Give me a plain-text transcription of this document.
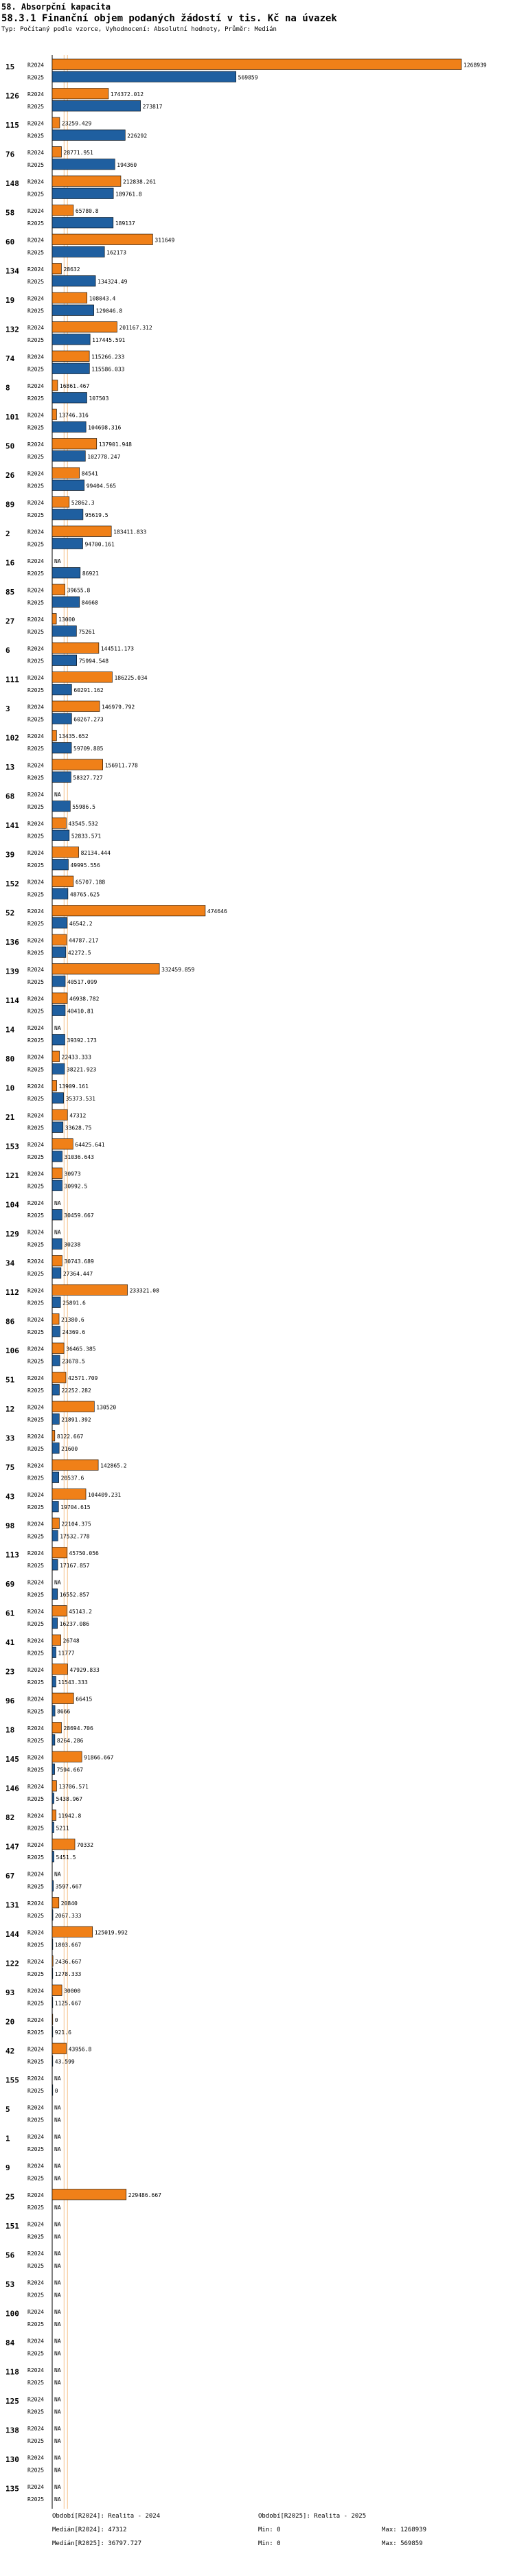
58. Absorpční kapacita
58.3.1 Finanční objem podaných žádostí v tis. Kč na úvazek
Typ: Počítaný podle vzorce, Vyhodnocení: Absolutní hodnoty, Průměr: Medián
15 R2024	1268939
R2025	569859
126 R2024	174372.012
R2025	273817
115 R2024	23259.429
R2025	226292
76 R2024	28771.951
R2025	194360
148 R2024	212838.261
R2025	189761.8
58 R2024	65780.8
R2025	189137
60 R2024	311649
R2025	162173
134 R2024	28632
R2025	134324.49
19 R2024	108043.4
R2025	129046.8
132 R2024	201167.312
R2025	117445.591
74 R2024	115266.233
R2025	115586.033
8	R2024	16861.467
R2025	107503
101 R2024	13746.316
R2025	104698.316
50 R2024	137901.948
R2025	102778.247
26 R2024	84541
R2025	99404.565
89 R2024	52862.3
R2025	95619.5
2	R2024	183411.833
R2025	94700.161
16 R2024 NA
R2025	86921
85 R2024	39655.8
R2025	84668
27 R2024	13000
R2025	75261
6	R2024	144511.173
R2025	75994.548
111 R2024	186225.034
R2025	60291.162
3	R2024	146979.792
R2025	60267.273
102 R2024	13435.652
R2025	59709.885
13 R2024	156911.778
R2025	58327.727
68 R2024 NA
R2025	55986.5
141 R2024	43545.532
R2025	52833.571
39 R2024	82134.444
R2025	49995.556
152 R2024	65707.188
R2025	48765.625
52 R2024	474646
R2025	46542.2
136 R2024	44787.217
R2025	42272.5
139 R2024	332459.859
R2025	40517.099
114 R2024	46938.782
R2025	40410.81
14 R2024 NA
R2025	39392.173
80 R2024	22433.333
R2025	38221.923
10 R2024	13909.161
R2025	35373.531
21 R2024	47312
R2025	33628.75
153 R2024	64425.641
R2025	31036.643
121 R2024	30973
R2025	30992.5
104 R2024 NA
R2025	30459.667
129 R2024 NA
R2025	30238
34 R2024	30743.689
R2025	27364.447
112 R2024	233321.08
R2025	25891.6
86 R2024	21380.6
R2025	24369.6
106 R2024	36465.385
R2025	23678.5
51 R2024	42571.709
R2025	22252.282
12 R2024	130520
R2025	21891.392
33 R2024 8122.667
R2025	21600
75 R2024	142865.2
R2025	20537.6
43 R2024	104409.231
R2025	19704.615
98 R2024	22104.375
R2025	17532.778
113 R2024	45750.056
R2025	17167.857
69 R2024 NA
R2025	16552.857
61 R2024	45143.2
R2025	16237.086
41 R2024	26748
R2025	11777
23 R2024	47929.833
R2025	11543.333
96 R2024	66415
R2025 8666
18 R2024	28694.706
R2025 8264.286
145 R2024	91866.667
R2025 7594.667
146 R2024	13706.571
R2025 5438.967
82 R2024	11942.8
R2025 5211
147 R2024	70332
R2025 5451.5
67 R2024 NA
R2025 3597.667
131 R2024	20840
R2025 2067.333
144 R2024	125019.992
R2025 1803.667
122 R2024 2436.667
R2025 1278.333
93 R2024	30000
R2025 1125.667
20 R2024 0
R2025 921.6
42 R2024	43956.8
R2025 43.599
155 R2024 NA
R2025 0
5	R2024 NA
R2025 NA
1	R2024 NA
R2025 NA
9	R2024 NA
R2025 NA
25 R2024	229486.667
R2025 NA
151 R2024 NA
R2025 NA
56 R2024 NA
R2025 NA
53 R2024 NA
R2025 NA
100 R2024 NA
R2025 NA
84 R2024 NA
R2025 NA
118 R2024 NA
R2025 NA
125 R2024 NA
R2025 NA
138 R2024 NA
R2025 NA
130 R2024 NA
R2025 NA
135 R2024 NA
R2025 NA
Období[R2024]: Realita - 2024	Období[R2025]: Realita - 2025
Medián[R2024]: 47312	Min: 0	Max: 1268939
Medián[R2025]: 36797.727	Min: 0	Max: 569859
